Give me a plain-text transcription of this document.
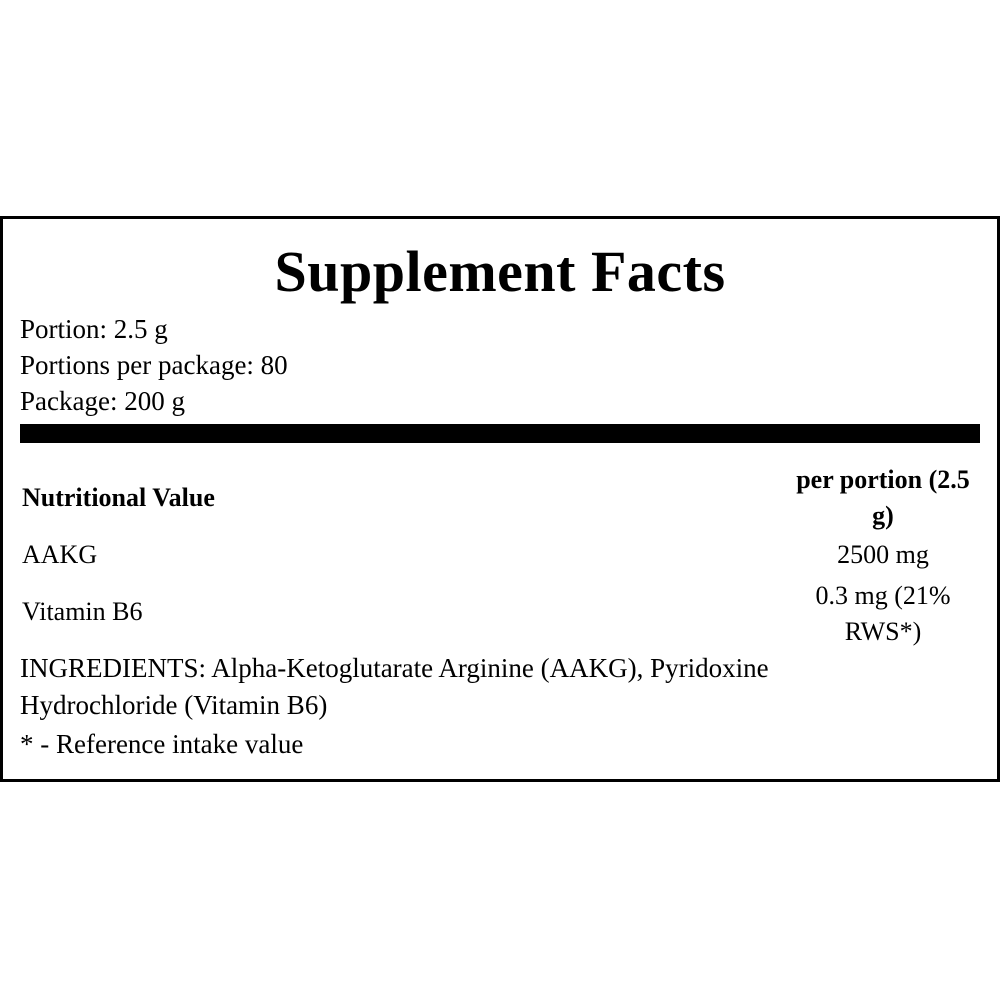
Supplement Facts
Portion: 2.5 g
Portions per package: 80
Package: 200 g
Nutritional Value
per portion (2.5 g)
AAKG	2500 mg
Vitamin B6
0.3 mg (21% RWS*)
INGREDIENTS: Alpha-Ketoglutarate Arginine (AAKG), Pyridoxine Hydrochloride (Vitamin B6)
* - Reference intake value
